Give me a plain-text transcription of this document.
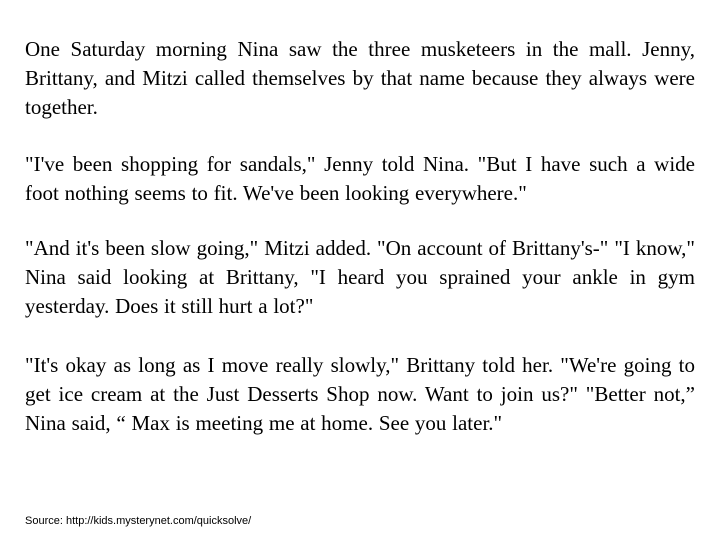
One Saturday morning Nina saw the three musketeers in the mall. Jenny, Brittany, and Mitzi called themselves by that name because they always were together.

"I've been shopping for sandals," Jenny told Nina. "But I have such a wide foot nothing seems to fit. We've been looking everywhere."

"And it's been slow going," Mitzi added. "On account of Brittany's-" "I know," Nina said looking at Brittany, "I heard you sprained your ankle in gym yesterday. Does it still hurt a lot?"

"It's okay as long as I move really slowly," Brittany told her. "We're going to get ice cream at the Just Desserts Shop now. Want to join us?" "Better not,” Nina said, “ Max is meeting me at home. See you later."

Source: http://kids.mysterynet.com/quicksolve/
